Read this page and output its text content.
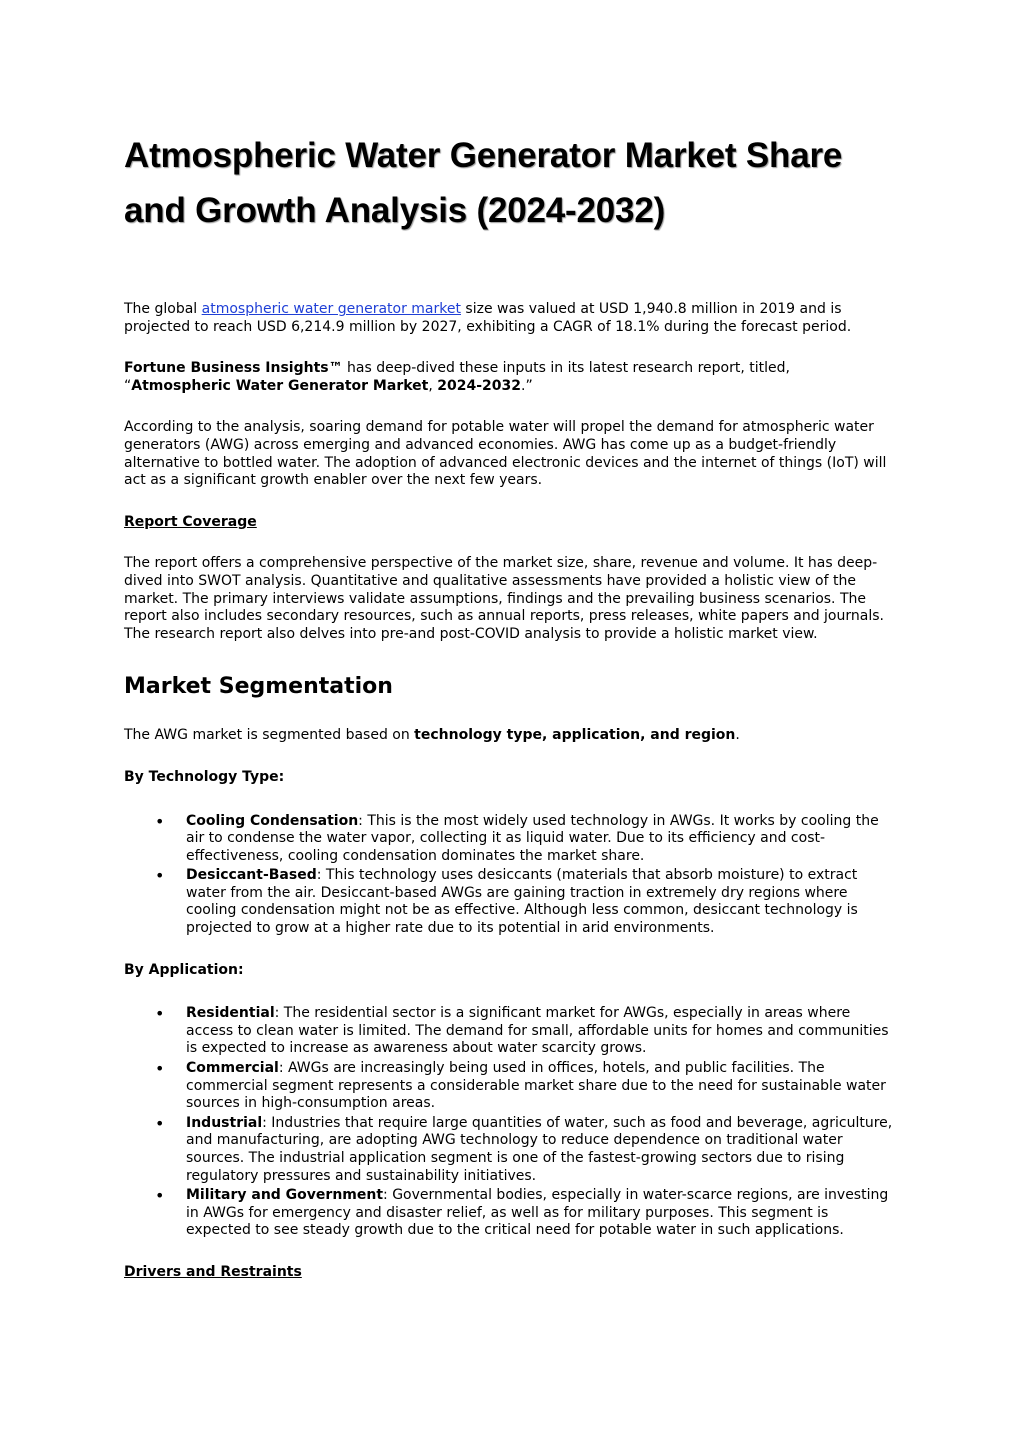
Atmospheric Water Generator Market Share
and Growth Analysis (2024-2032)

The global atmospheric water generator market size was valued at USD 1,940.8 million in 2019 and is projected to reach USD 6,214.9 million by 2027, exhibiting a CAGR of 18.1% during the forecast period.

Fortune Business Insights™ has deep-dived these inputs in its latest research report, titled, “Atmospheric Water Generator Market, 2024-2032.”

According to the analysis, soaring demand for potable water will propel the demand for atmospheric water generators (AWG) across emerging and advanced economies. AWG has come up as a budget-friendly alternative to bottled water. The adoption of advanced electronic devices and the internet of things (IoT) will act as a significant growth enabler over the next few years.

Report Coverage

The report offers a comprehensive perspective of the market size, share, revenue and volume. It has deep-dived into SWOT analysis. Quantitative and qualitative assessments have provided a holistic view of the market. The primary interviews validate assumptions, findings and the prevailing business scenarios. The report also includes secondary resources, such as annual reports, press releases, white papers and journals. The research report also delves into pre-and post-COVID analysis to provide a holistic market view.

Market Segmentation

The AWG market is segmented based on technology type, application, and region.

By Technology Type:
• Cooling Condensation: This is the most widely used technology in AWGs. It works by cooling the air to condense the water vapor, collecting it as liquid water. Due to its efficiency and cost-effectiveness, cooling condensation dominates the market share.
• Desiccant-Based: This technology uses desiccants (materials that absorb moisture) to extract water from the air. Desiccant-based AWGs are gaining traction in extremely dry regions where cooling condensation might not be as effective. Although less common, desiccant technology is projected to grow at a higher rate due to its potential in arid environments.
By Application:
• Residential: The residential sector is a significant market for AWGs, especially in areas where access to clean water is limited. The demand for small, affordable units for homes and communities is expected to increase as awareness about water scarcity grows.
• Commercial: AWGs are increasingly being used in offices, hotels, and public facilities. The commercial segment represents a considerable market share due to the need for sustainable water sources in high-consumption areas.
• Industrial: Industries that require large quantities of water, such as food and beverage, agriculture, and manufacturing, are adopting AWG technology to reduce dependence on traditional water sources. The industrial application segment is one of the fastest-growing sectors due to rising regulatory pressures and sustainability initiatives.
• Military and Government: Governmental bodies, especially in water-scarce regions, are investing in AWGs for emergency and disaster relief, as well as for military purposes. This segment is expected to see steady growth due to the critical need for potable water in such applications.
Drivers and Restraints
